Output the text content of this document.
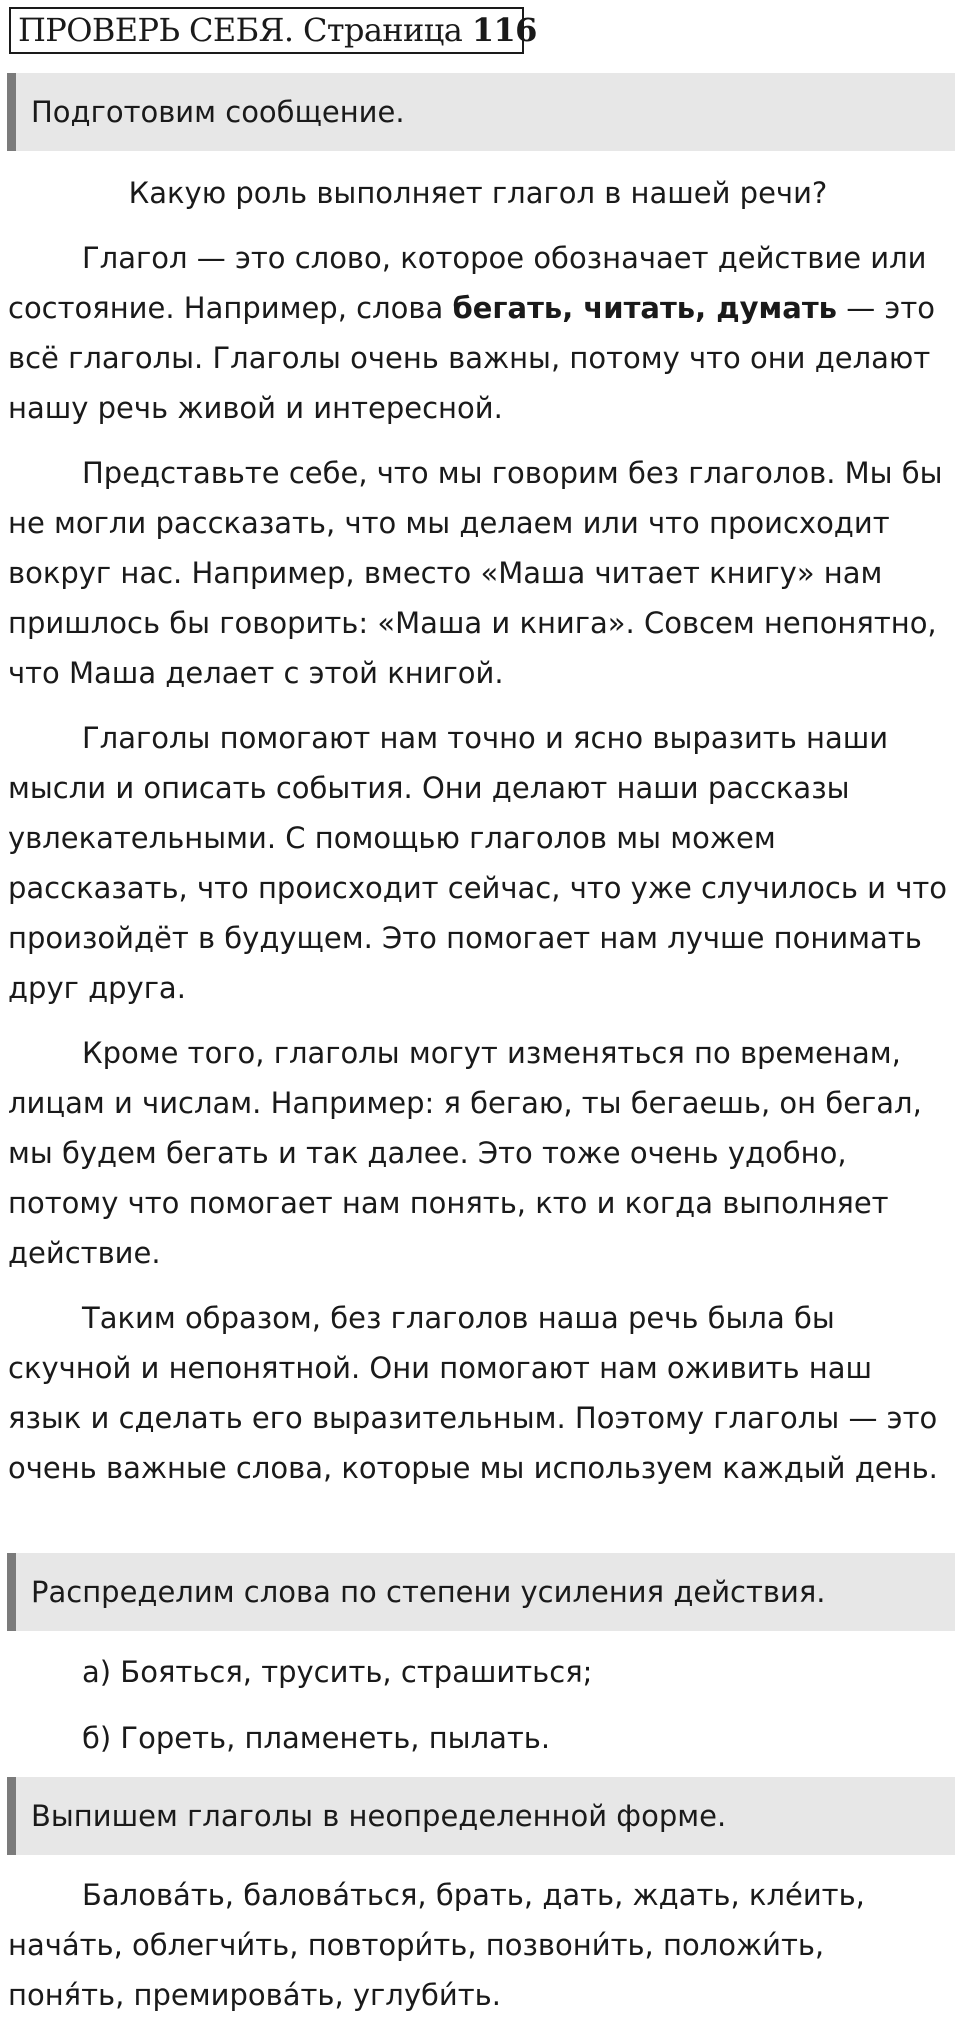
ПРОВЕРЬ СЕБЯ. Страница 116
Подготовим сообщение.

Какую роль выполняет глагол в нашей речи?

Глагол — это слово, которое обозначает действие или состояние. Например, слова бегать, читать, думать — это всё глаголы. Глаголы очень важны, потому что они делают нашу речь живой и интересной.

Представьте себе, что мы говорим без глаголов. Мы бы не могли рассказать, что мы делаем или что происходит вокруг нас. Например, вместо «Маша читает книгу» нам пришлось бы говорить: «Маша и книга». Совсем непонятно, что Маша делает с этой книгой.

Глаголы помогают нам точно и ясно выразить наши мысли и описать события. Они делают наши рассказы увлекательными. С помощью глаголов мы можем рассказать, что происходит сейчас, что уже случилось и что произойдёт в будущем. Это помогает нам лучше понимать друг друга.

Кроме того, глаголы могут изменяться по временам, лицам и числам. Например: я бегаю, ты бегаешь, он бегал, мы будем бегать и так далее. Это тоже очень удобно, потому что помогает нам понять, кто и когда выполняет действие.

Таким образом, без глаголов наша речь была бы скучной и непонятной. Они помогают нам оживить наш язык и сделать его выразительным. Поэтому глаголы — это очень важные слова, которые мы используем каждый день.

Распределим слова по степени усиления действия.
а) Бояться, трусить, страшиться;
б) Гореть, пламенеть, пылать.
Выпишем глаголы в неопределенной форме.

Балова́ть, балова́ться, брать, дать, ждать, кле́ить, нача́ть, облегчи́ть, повтори́ть, позвони́ть, положи́ть, поня́ть, премирова́ть, углуби́ть.
